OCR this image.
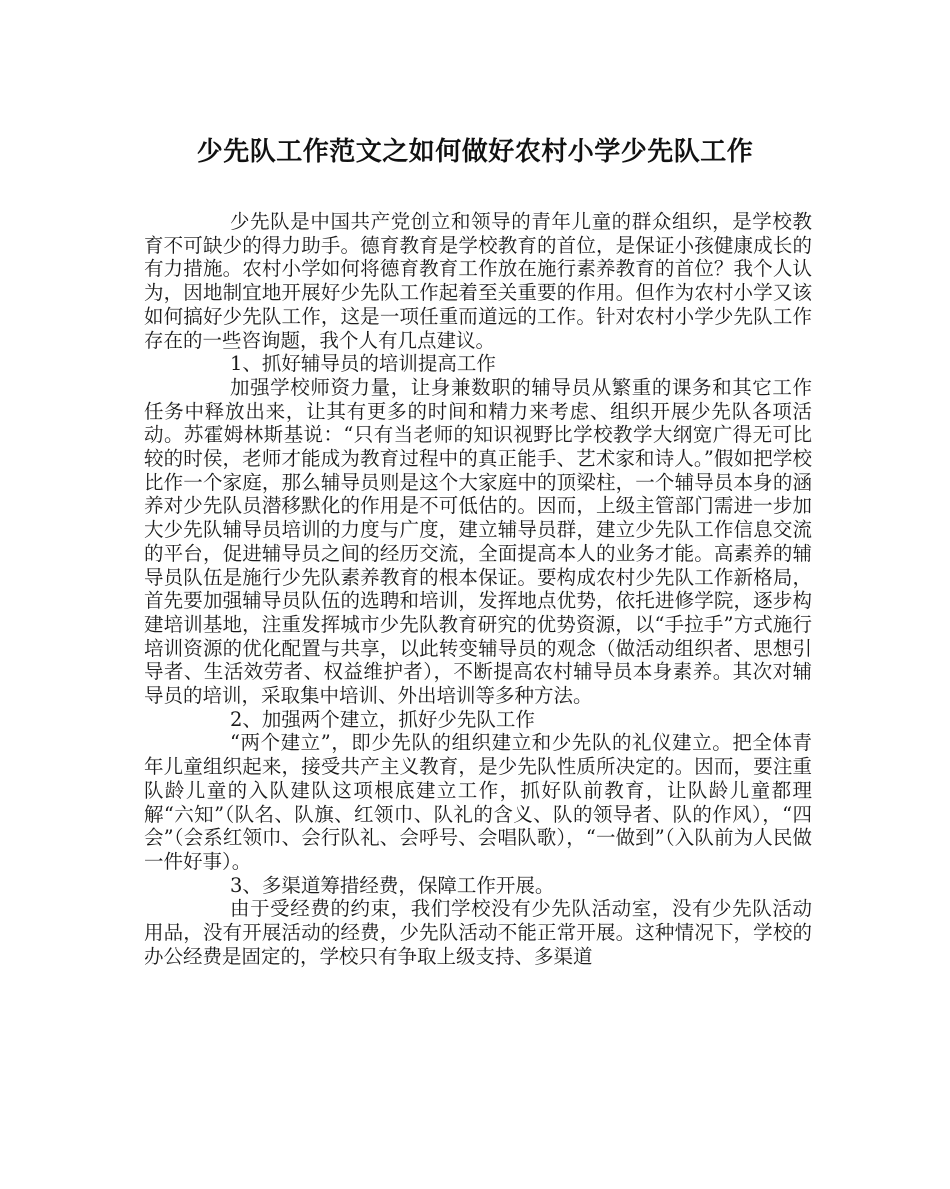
少先队工作范文之如何做好农村小学少先队工作

少先队是中国共产党创立和领导的青年儿童的群众组织，是学校教育不可缺少的得力助手。德育教育是学校教育的首位，是保证小孩健康成长的有力措施。农村小学如何将德育教育工作放在施行素养教育的首位？我个人认为，因地制宜地开展好少先队工作起着至关重要的作用。但作为农村小学又该如何搞好少先队工作，这是一项任重而道远的工作。针对农村小学少先队工作存在的一些咨询题，我个人有几点建议。

1、抓好辅导员的培训提高工作

加强学校师资力量，让身兼数职的辅导员从繁重的课务和其它工作任务中释放出来，让其有更多的时间和精力来考虑、组织开展少先队各项活动。苏霍姆林斯基说：“只有当老师的知识视野比学校教学大纲宽广得无可比较的时侯，老师才能成为教育过程中的真正能手、艺术家和诗人。”假如把学校比作一个家庭，那么辅导员则是这个大家庭中的顶梁柱，一个辅导员本身的涵养对少先队员潜移默化的作用是不可低估的。因而，上级主管部门需进一步加大少先队辅导员培训的力度与广度，建立辅导员群，建立少先队工作信息交流的平台，促进辅导员之间的经历交流，全面提高本人的业务才能。高素养的辅导员队伍是施行少先队素养教育的根本保证。要构成农村少先队工作新格局，首先要加强辅导员队伍的选聘和培训，发挥地点优势，依托进修学院，逐步构建培训基地，注重发挥城市少先队教育研究的优势资源，以“手拉手”方式施行培训资源的优化配置与共享，以此转变辅导员的观念（做活动组织者、思想引导者、生活效劳者、权益维护者），不断提高农村辅导员本身素养。其次对辅导员的培训，采取集中培训、外出培训等多种方法。

2、加强两个建立，抓好少先队工作

“两个建立”，即少先队的组织建立和少先队的礼仪建立。把全体青年儿童组织起来，接受共产主义教育，是少先队性质所决定的。因而，要注重队龄儿童的入队建队这项根底建立工作，抓好队前教育，让队龄儿童都理解“六知”（队名、队旗、红领巾、队礼的含义、队的领导者、队的作风），“四会”（会系红领巾、会行队礼、会呼号、会唱队歌），“一做到”（入队前为人民做一件好事）。

3、多渠道筹措经费，保障工作开展。

由于受经费的约束，我们学校没有少先队活动室，没有少先队活动用品，没有开展活动的经费，少先队活动不能正常开展。这种情况下，学校的办公经费是固定的，学校只有争取上级支持、多渠道
